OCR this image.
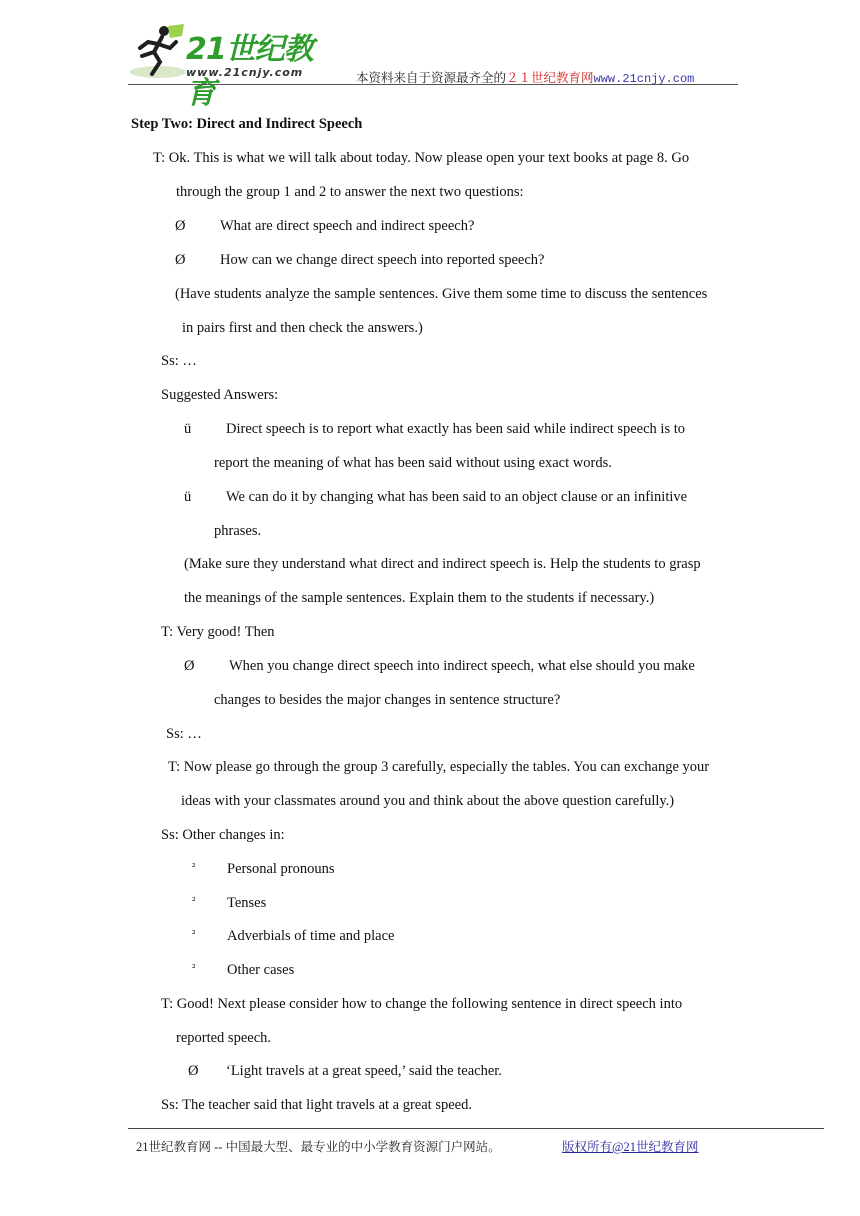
21世纪教育
www.21cnjy.com	本资料来自于资源最齐全的２１世纪教育网www.21cnjy.com
Step Two: Direct and Indirect Speech
T: Ok. This is what we will talk about today. Now please open your text books at page 8. Go
through the group 1 and 2 to answer the next two questions:
Ø What are direct speech and indirect speech?
Ø How can we change direct speech into reported speech?
(Have students analyze the sample sentences. Give them some time to discuss the sentences
in pairs first and then check the answers.)
Ss: …
Suggested Answers:
ü Direct speech is to report what exactly has been said while indirect speech is to
report the meaning of what has been said without using exact words.
ü We can do it by changing what has been said to an object clause or an infinitive
phrases.
(Make sure they understand what direct and indirect speech is. Help the students to grasp
the meanings of the sample sentences. Explain them to the students if necessary.)
T: Very good! Then
Ø When you change direct speech into indirect speech, what else should you make
changes to besides the major changes in sentence structure?
Ss: …
T: Now please go through the group 3 carefully, especially the tables. You can exchange your
ideas with your classmates around you and think about the above question carefully.)
Ss: Other changes in:
² Personal pronouns
² Tenses
² Adverbials of time and place
² Other cases
T: Good! Next please consider how to change the following sentence in direct speech into
reported speech.
Ø ‘Light travels at a great speed,’ said the teacher.
Ss: The teacher said that light travels at a great speed.
21世纪教育网 -- 中国最大型、最专业的中小学教育资源门户网站。	版权所有@21世纪教育网
